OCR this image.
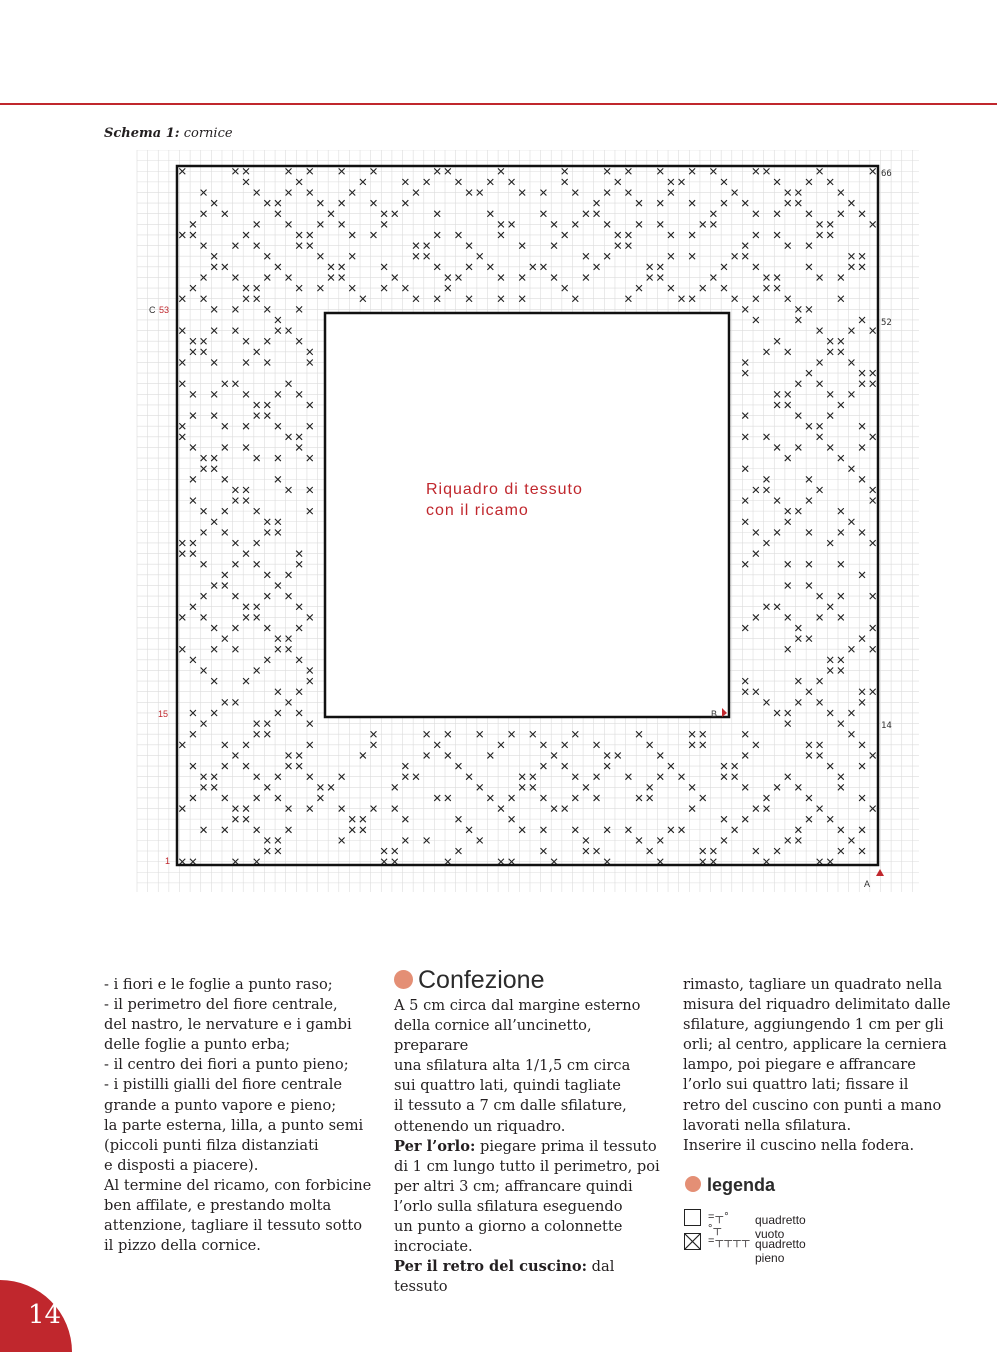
Schema 1: cornice
Riquadro di tessuto
con il ricamo
C 53
66
52
14
15
1
B
A

- i fiori e le foglie a punto raso;

- il perimetro del fiore centrale,

del nastro, le nervature e i gambi

delle foglie a punto erba;

- il centro dei fiori a punto pieno;

- i pistilli gialli del fiore centrale

grande a punto vapore e pieno;

la parte esterna, lilla, a punto semi

(piccoli punti filza distanziati

e disposti a piacere).

Al termine del ricamo, con forbicine

ben affilate, e prestando molta

attenzione, tagliare il tessuto sotto

il pizzo della cornice.

Confezione

A 5 cm circa dal margine esterno

della cornice all’uncinetto, preparare

una sfilatura alta 1/1,5 cm circa

sui quattro lati, quindi tagliate

il tessuto a 7 cm dalle sfilature,

ottenendo un riquadro.

Per l’orlo: piegare prima il tessuto

di 1 cm lungo tutto il perimetro, poi

per altri 3 cm; affrancare quindi

l’orlo sulla sfilatura eseguendo

un punto a giorno a colonnette

incrociate.

Per il retro del cuscino: dal tessuto

rimasto, tagliare un quadrato nella

misura del riquadro delimitato dalle

sfilature, aggiungendo 1 cm per gli

orli; al centro, applicare la cerniera

lampo, poi piegare e affrancare

l’orlo sui quattro lati; fissare il

retro del cuscino con punti a mano

lavorati nella sfilatura.

Inserire il cuscino nella fodera.

legenda
=┬°°┬
quadretto vuoto
=┬┬┬┬ quadretto pieno
14
